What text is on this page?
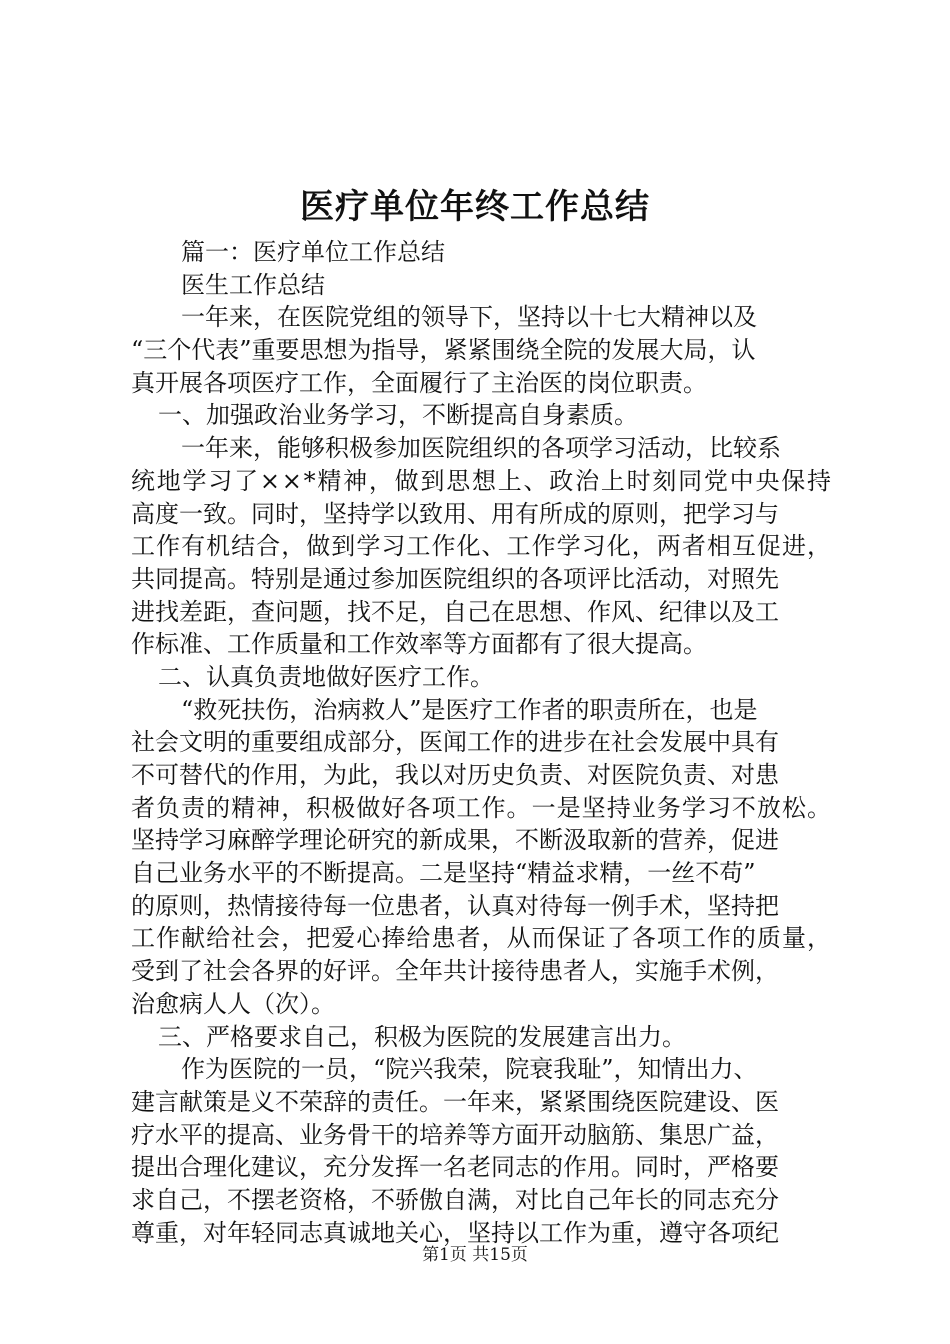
医疗单位年终工作总结
篇一：医疗单位工作总结
医生工作总结
一年来，在医院党组的领导下，坚持以十七大精神以及
“三个代表”重要思想为指导，紧紧围绕全院的发展大局，认
真开展各项医疗工作，全面履行了主治医的岗位职责。
一、加强政治业务学习，不断提高自身素质。
一年来，能够积极参加医院组织的各项学习活动，比较系
统地学习了××*精神，做到思想上、政治上时刻同党中央保持
高度一致。同时，坚持学以致用、用有所成的原则，把学习与
工作有机结合，做到学习工作化、工作学习化，两者相互促进，
共同提高。特别是通过参加医院组织的各项评比活动，对照先
进找差距，查问题，找不足，自己在思想、作风、纪律以及工
作标准、工作质量和工作效率等方面都有了很大提高。
二、认真负责地做好医疗工作。
“救死扶伤，治病救人”是医疗工作者的职责所在，也是
社会文明的重要组成部分，医闻工作的进步在社会发展中具有
不可替代的作用，为此，我以对历史负责、对医院负责、对患
者负责的精神，积极做好各项工作。一是坚持业务学习不放松。
坚持学习麻醉学理论研究的新成果，不断汲取新的营养，促进
自己业务水平的不断提高。二是坚持“精益求精，一丝不苟”
的原则，热情接待每一位患者，认真对待每一例手术，坚持把
工作献给社会，把爱心捧给患者，从而保证了各项工作的质量，
受到了社会各界的好评。全年共计接待患者人，实施手术例，
治愈病人人（次）。
三、严格要求自己，积极为医院的发展建言出力。
作为医院的一员，“院兴我荣，院衰我耻”，知情出力、
建言献策是义不荣辞的责任。一年来，紧紧围绕医院建设、医
疗水平的提高、业务骨干的培养等方面开动脑筋、集思广益，
提出合理化建议，充分发挥一名老同志的作用。同时，严格要
求自己，不摆老资格，不骄傲自满，对比自己年长的同志充分
尊重，对年轻同志真诚地关心，坚持以工作为重，遵守各项纪
第1页 共15页
